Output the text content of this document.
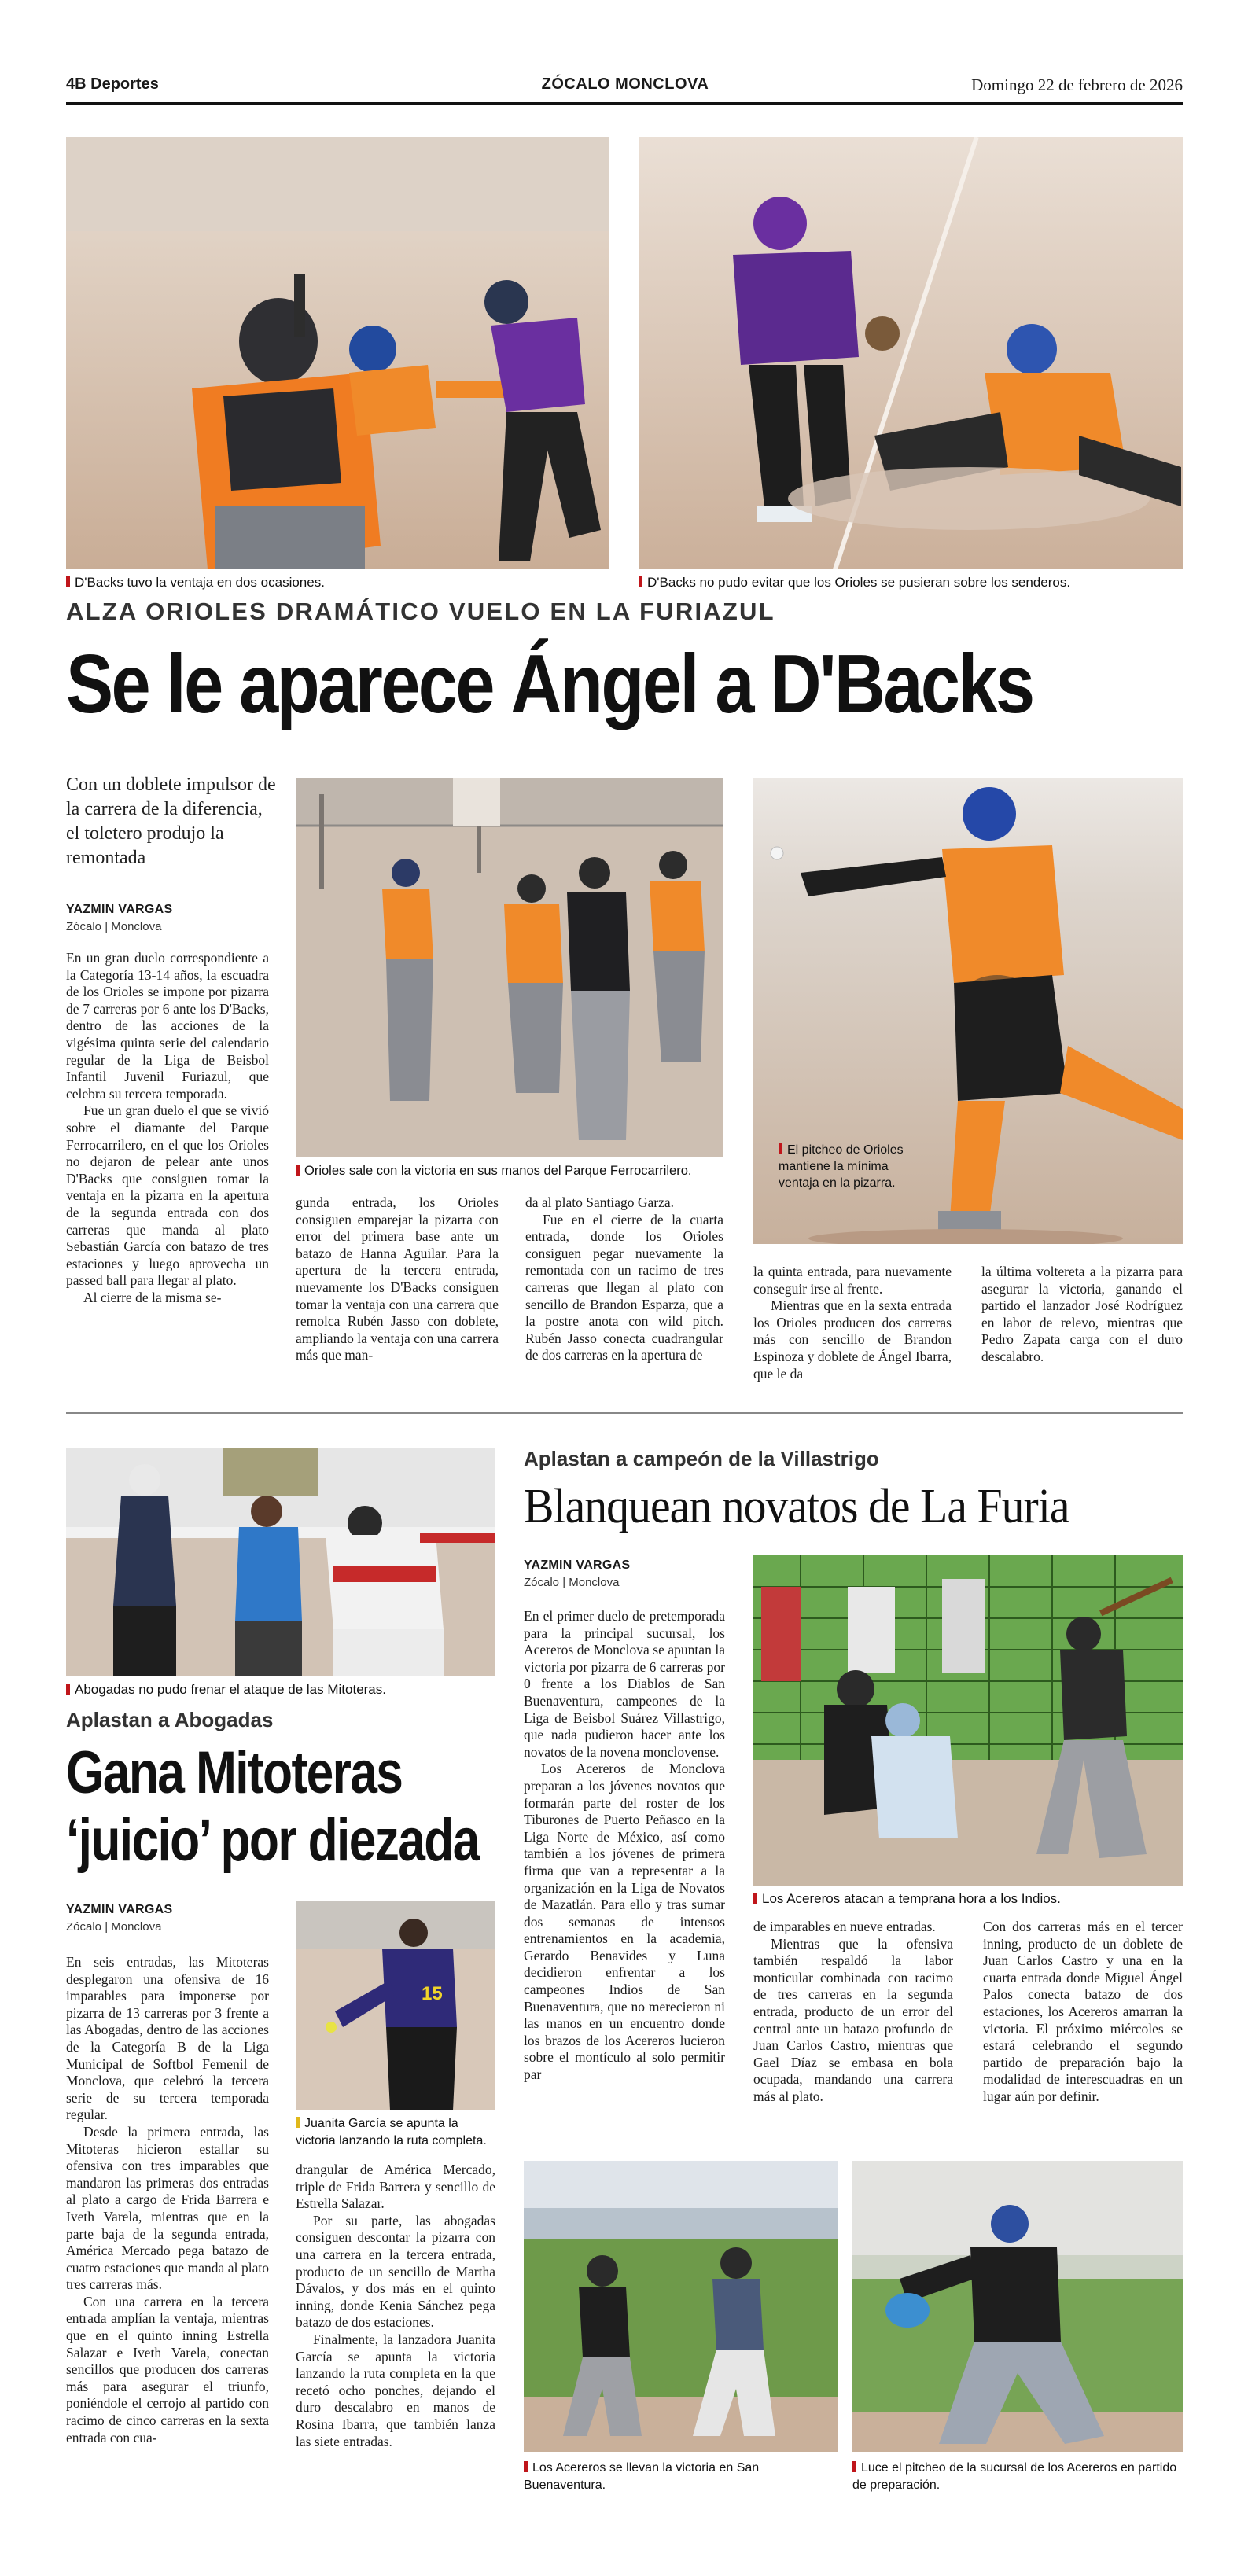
4B Deportes	ZÓCALO MONCLOVA	Domingo 22 de febrero de 2026
D'Backs tuvo la ventaja en dos ocasiones.	D'Backs no pudo evitar que los Orioles se pusieran sobre los senderos.
ALZA ORIOLES DRAMÁTICO VUELO EN LA FURIAZUL
Se le aparece Ángel a D'Backs
Con un doblete impulsor de la carrera de la diferencia, el toletero produjo la remontada
YAZMIN VARGAS
Zócalo | Monclova

En un gran duelo correspondiente a la Categoría 13-14 años, la escuadra de los Orioles se impone por pizarra de 7 carreras por 6 ante los D'Backs, dentro de las acciones de la vigésima quinta serie del calendario regular de la Liga de Beisbol Infantil Juvenil Furiazul, que celebra su tercera temporada.

Fue un gran duelo el que se vivió sobre el diamante del Parque Ferrocarrilero, en el que los Orioles no dejaron de pelear ante unos D'Backs que consiguen tomar la ventaja en la pizarra en la apertura de la segunda entrada con dos carreras que manda al plato Sebastián García con batazo de tres estaciones y luego aprovecha un passed ball para llegar al plato.

Al cierre de la misma se-

Orioles sale con la victoria en sus manos del Parque Ferrocarrilero.
El pitcheo de Orioles mantiene la mínima ventaja en la pizarra.

gunda entrada, los Orioles consiguen emparejar la pizarra con error del primera base ante un batazo de Hanna Aguilar. Para la apertura de la tercera entrada, nuevamente los D'Backs consiguen tomar la ventaja con una carrera que remolca Rubén Jasso con doblete, ampliando la ventaja con una carrera más que man-

da al plato Santiago Garza.

Fue en el cierre de la cuarta entrada, donde los Orioles consiguen pegar nuevamente la remontada con un racimo de tres carreras que llegan al plato con sencillo de Brandon Esparza, que a la postre anota con wild pitch. Rubén Jasso conecta cuadrangular de dos carreras en la apertura de

la quinta entrada, para nuevamente conseguir irse al frente.

Mientras que en la sexta entrada los Orioles producen dos carreras más con sencillo de Brandon Espinoza y doblete de Ángel Ibarra, que le da

la última voltereta a la pizarra para asegurar la victoria, ganando el partido el lanzador José Rodríguez en labor de relevo, mientras que Pedro Zapata carga con el duro descalabro.

Abogadas no pudo frenar el ataque de las Mitoteras.
Aplastan a Abogadas
Gana Mitoteras
‘juicio’ por diezada
YAZMIN VARGAS
Zócalo | Monclova

En seis entradas, las Mitoteras desplegaron una ofensiva de 16 imparables para imponerse por pizarra de 13 carreras por 3 frente a las Abogadas, dentro de las acciones de la Categoría B de la Liga Municipal de Softbol Femenil de Monclova, que celebró la tercera serie de su tercera temporada regular.

Desde la primera entrada, las Mitoteras hicieron estallar su ofensiva con tres imparables que mandaron las primeras dos entradas al plato a cargo de Frida Barrera e Iveth Varela, mientras que en la parte baja de la segunda entrada, América Mercado pega batazo de cuatro estaciones que manda al plato tres carreras más.

Con una carrera en la tercera entrada amplían la ventaja, mientras que en el quinto inning Estrella Salazar e Iveth Varela, conectan sencillos que producen dos carreras más para asegurar el triunfo, poniéndole el cerrojo al partido con racimo de cinco carreras en la sexta entrada con cua-

15
Juanita García se apunta la victoria lanzando la ruta completa.

drangular de América Mercado, triple de Frida Barrera y sencillo de Estrella Salazar.

Por su parte, las abogadas consiguen descontar la pizarra con una carrera en la tercera entrada, producto de un sencillo de Martha Dávalos, y dos más en el quinto inning, donde Kenia Sánchez pega batazo de dos estaciones.

Finalmente, la lanzadora Juanita García se apunta la victoria lanzando la ruta completa en la que recetó ocho ponches, dejando el duro descalabro en manos de Rosina Ibarra, que también lanza las siete entradas.

Aplastan a campeón de la Villastrigo
Blanquean novatos de La Furia
YAZMIN VARGAS
Zócalo | Monclova

En el primer duelo de pretemporada para la principal sucursal, los Acereros de Monclova se apuntan la victoria por pizarra de 6 carreras por 0 frente a los Diablos de San Buenaventura, campeones de la Liga de Beisbol Suárez Villastrigo, que nada pudieron hacer ante los novatos de la novena monclovense.

Los Acereros de Monclova preparan a los jóvenes novatos que formarán parte del roster de los Tiburones de Puerto Peñasco en la Liga Norte de México, así como también a los jóvenes de primera firma que van a representar a la organización en la Liga de Novatos de Mazatlán. Para ello y tras sumar dos semanas de intensos entrenamientos en la academia, Gerardo Benavides y Luna decidieron enfrentar a los campeones Indios de San Buenaventura, que no merecieron ni las manos en un encuentro donde los brazos de los Acereros lucieron sobre el montículo al solo permitir par

Los Acereros atacan a temprana hora a los Indios.

de imparables en nueve entradas.

Mientras que la ofensiva también respaldó la labor monticular combinada con racimo de tres carreras en la segunda entrada, producto de un error del central ante un batazo profundo de Juan Carlos Castro, mientras que Gael Díaz se embasa en bola ocupada, mandando una carrera más al plato.

Con dos carreras más en el tercer inning, producto de un doblete de Juan Carlos Castro y una en la cuarta entrada donde Miguel Ángel Palos conecta batazo de dos estaciones, los Acereros amarran la victoria. El próximo miércoles se estará celebrando el segundo partido de preparación bajo la modalidad de interescuadras en un lugar aún por definir.

Los Acereros se llevan la victoria en San Buenaventura.
Luce el pitcheo de la sucursal de los Acereros en partido de preparación.
